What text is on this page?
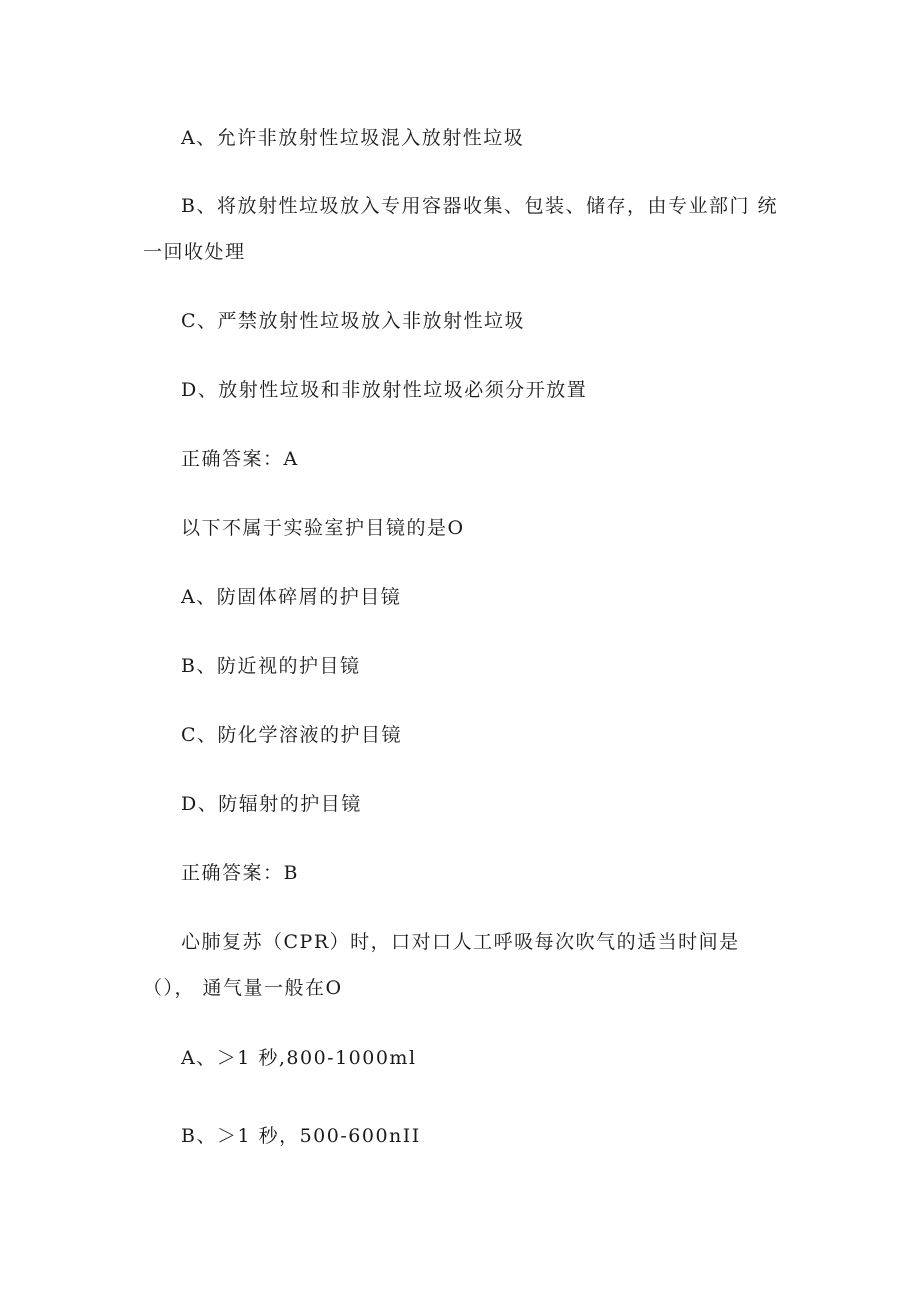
A、允许非放射性垃圾混入放射性垃圾
B、将放射性垃圾放入专用容器收集、包装、储存，由专业部门 统
一回收处理
C、严禁放射性垃圾放入非放射性垃圾
D、放射性垃圾和非放射性垃圾必须分开放置
正确答案：A
以下不属于实验室护目镜的是O
A、防固体碎屑的护目镜
B、防近视的护目镜
C、防化学溶液的护目镜
D、防辐射的护目镜
正确答案：B
心肺复苏（CPR）时，口对口人工呼吸每次吹气的适当时间是
（）， 通气量一般在O
A、＞1 秒,800-1000ml
B、＞1 秒，500-600nII
